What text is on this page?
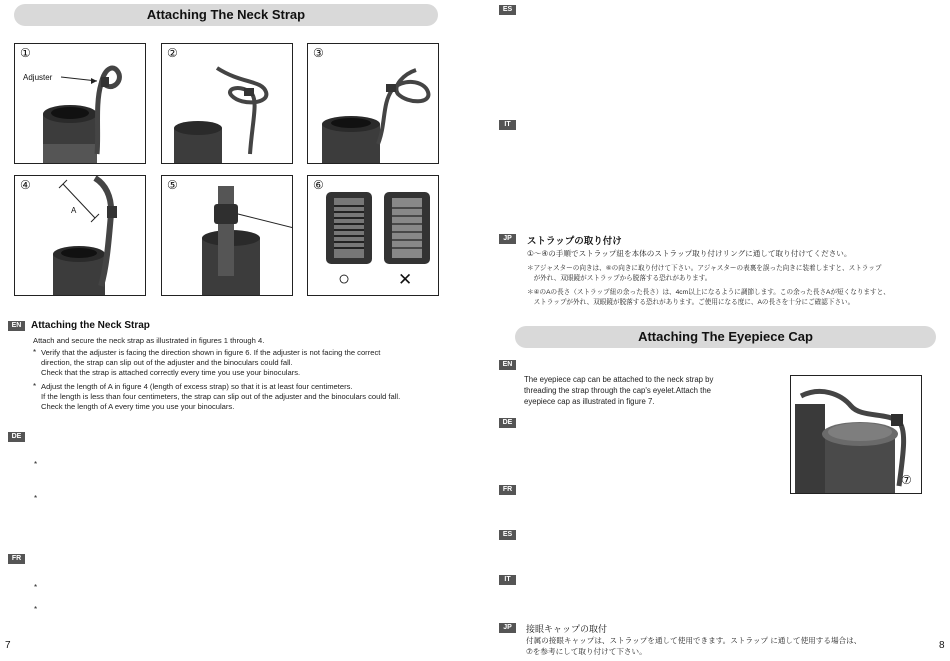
Attaching The Neck Strap
①
Adjuster
②	③
④
A
⑤	⑥
○	✕
EN Attaching the Neck Strap
Attach and secure the neck strap as illustrated in figures 1 through 4.
* Verify that the adjuster is facing the direction shown in figure 6. If the adjuster is not facing the correct
direction, the strap can slip out of the adjuster and the binoculars could fall.
Check that the strap is attached correctly every time you use your binoculars.
* Adjust the length of A in figure 4 (length of excess strap) so that it is at least four centimeters.
If the length is less than four centimeters, the strap can slip out of the adjuster and the binoculars could fall.
Check the length of A every time you use your binoculars.
DE
*
*
FR
*
*
7
ES
IT
JP	ストラップの取り付け
①～④の手順でストラップ紐を本体のストラップ取り付けリングに通して取り付けてください。
＊アジャスターの向きは、⑥の向きに取り付けて下さい。アジャスターの表裏を誤った向きに装着しますと、ストラップ
　が外れ、双眼鏡がストラップから脱落する恐れがあります。
＊④のAの長さ（ストラップ紐の余った長さ）は、4cm以上になるように調節します。この余った長さAが短くなりますと、
　ストラップが外れ、双眼鏡が脱落する恐れがあります。ご使用になる度に、Aの長さを十分にご確認下さい。
Attaching The Eyepiece Cap
EN
The eyepiece cap can be attached to the neck strap by
threading the strap through the cap's eyelet.Attach the
eyepiece cap as illustrated in figure 7.
⑦
DE
FR
ES
IT
JP	接眼キャップの取付
付属の接眼キャップは、ストラップを通して使用できます。ストラップ に通して使用する場合は、
⑦を参考にして取り付けて下さい。
8
